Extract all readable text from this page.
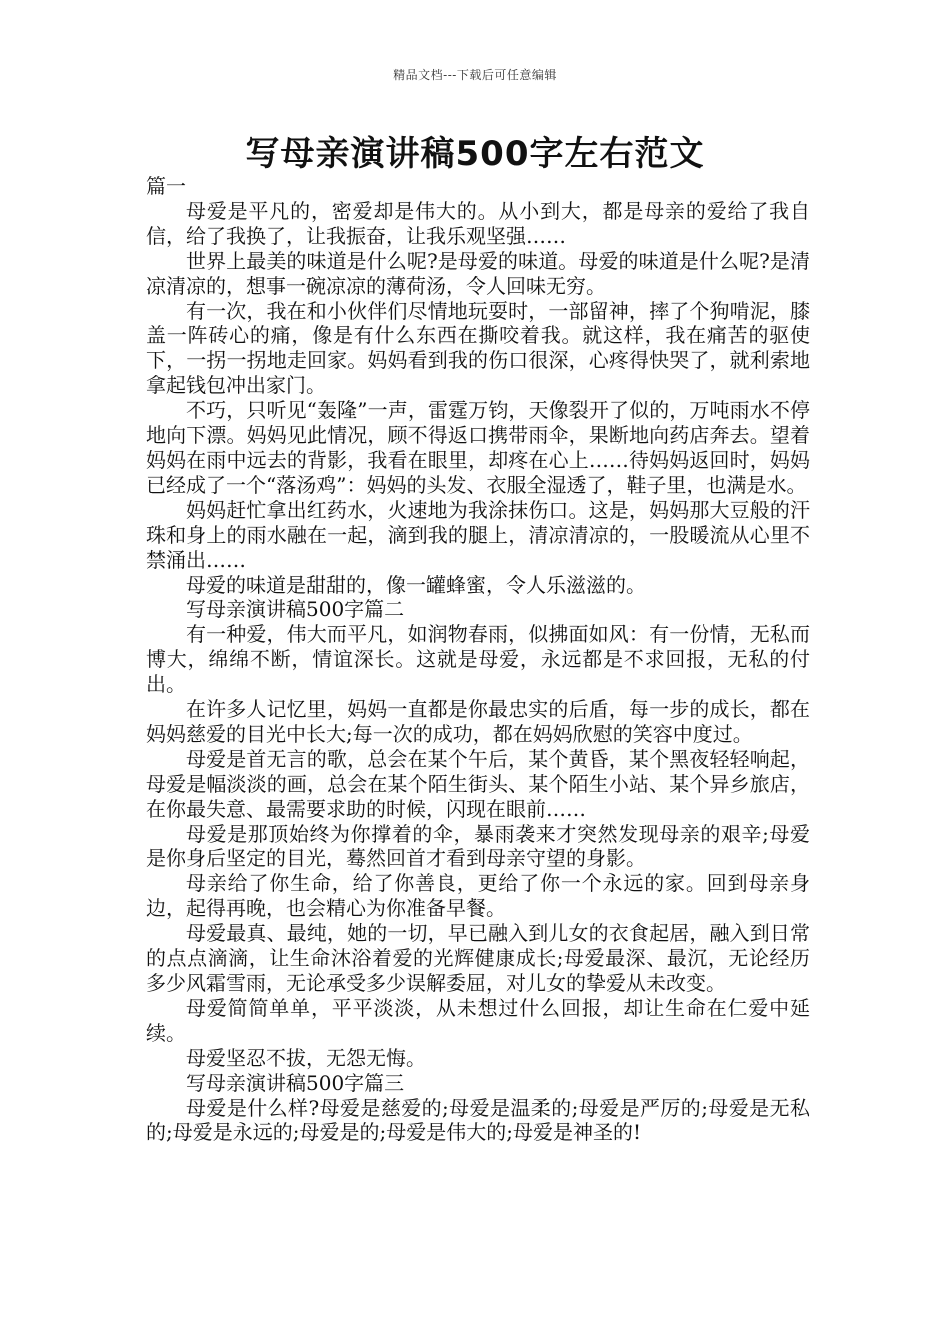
精品文档---下载后可任意编辑
写母亲演讲稿500字左右范文

篇一

母爱是平凡的，密爱却是伟大的。从小到大，都是母亲的爱给了我自信，给了我换了，让我振奋，让我乐观坚强……

世界上最美的味道是什么呢?是母爱的味道。母爱的味道是什么呢?是清凉清凉的，想事一碗凉凉的薄荷汤，令人回味无穷。

有一次，我在和小伙伴们尽情地玩耍时，一部留神，摔了个狗啃泥，膝盖一阵砖心的痛，像是有什么东西在撕咬着我。就这样，我在痛苦的驱使下，一拐一拐地走回家。妈妈看到我的伤口很深，心疼得快哭了，就利索地拿起钱包冲出家门。

不巧，只听见“轰隆”一声，雷霆万钧，天像裂开了似的，万吨雨水不停地向下漂。妈妈见此情况，顾不得返口携带雨伞，果断地向药店奔去。望着妈妈在雨中远去的背影，我看在眼里，却疼在心上……待妈妈返回时，妈妈已经成了一个“落汤鸡”：妈妈的头发、衣服全湿透了，鞋子里，也满是水。

妈妈赶忙拿出红药水，火速地为我涂抹伤口。这是，妈妈那大豆般的汗珠和身上的雨水融在一起，滴到我的腿上，清凉清凉的，一股暖流从心里不禁涌出……

母爱的味道是甜甜的，像一罐蜂蜜，令人乐滋滋的。

写母亲演讲稿500字篇二

有一种爱，伟大而平凡，如润物春雨，似拂面如风：有一份情，无私而博大，绵绵不断，情谊深长。这就是母爱，永远都是不求回报，无私的付出。

在许多人记忆里，妈妈一直都是你最忠实的后盾，每一步的成长，都在妈妈慈爱的目光中长大;每一次的成功，都在妈妈欣慰的笑容中度过。

母爱是首无言的歌，总会在某个午后，某个黄昏，某个黑夜轻轻响起，母爱是幅淡淡的画，总会在某个陌生街头、某个陌生小站、某个异乡旅店，在你最失意、最需要求助的时候，闪现在眼前……

母爱是那顶始终为你撑着的伞，暴雨袭来才突然发现母亲的艰辛;母爱是你身后坚定的目光，蓦然回首才看到母亲守望的身影。

母亲给了你生命，给了你善良，更给了你一个永远的家。回到母亲身边，起得再晚，也会精心为你准备早餐。

母爱最真、最纯，她的一切，早已融入到儿女的衣食起居，融入到日常的点点滴滴，让生命沐浴着爱的光辉健康成长;母爱最深、最沉，无论经历多少风霜雪雨，无论承受多少误解委屈，对儿女的挚爱从未改变。

母爱简简单单，平平淡淡，从未想过什么回报，却让生命在仁爱中延续。

母爱坚忍不拔，无怨无悔。

写母亲演讲稿500字篇三

母爱是什么样?母爱是慈爱的;母爱是温柔的;母爱是严厉的;母爱是无私的;母爱是永远的;母爱是的;母爱是伟大的;母爱是神圣的!
